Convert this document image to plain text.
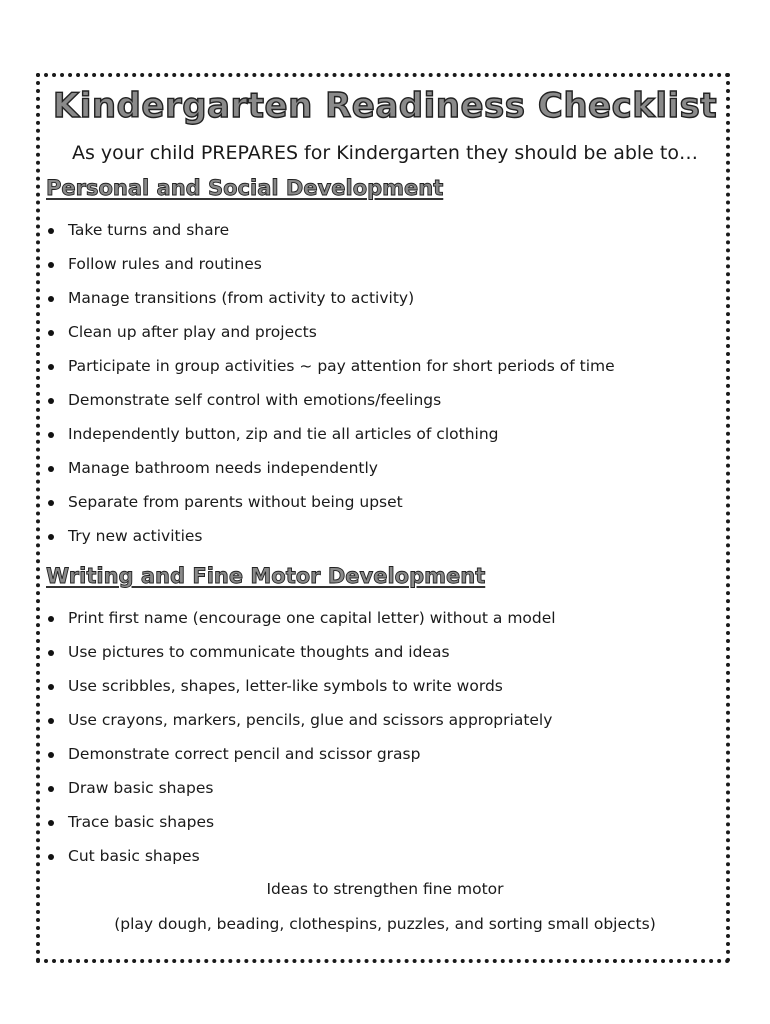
Kindergarten Readiness Checklist
As your child PREPARES for Kindergarten they should be able to…
Personal and Social Development
Take turns and share
Follow rules and routines
Manage transitions (from activity to activity)
Clean up after play and projects
Participate in group activities ~ pay attention for short periods of time
Demonstrate self control with emotions/feelings
Independently button, zip and tie all articles of clothing
Manage bathroom needs independently
Separate from parents without being upset
Try new activities
Writing and Fine Motor Development
Print first name (encourage one capital letter) without a model
Use pictures to communicate thoughts and ideas
Use scribbles, shapes, letter-like symbols to write words
Use crayons, markers, pencils, glue and scissors appropriately
Demonstrate correct pencil and scissor grasp
Draw basic shapes
Trace basic shapes
Cut basic shapes
Ideas to strengthen fine motor
(play dough, beading, clothespins, puzzles, and sorting small objects)
